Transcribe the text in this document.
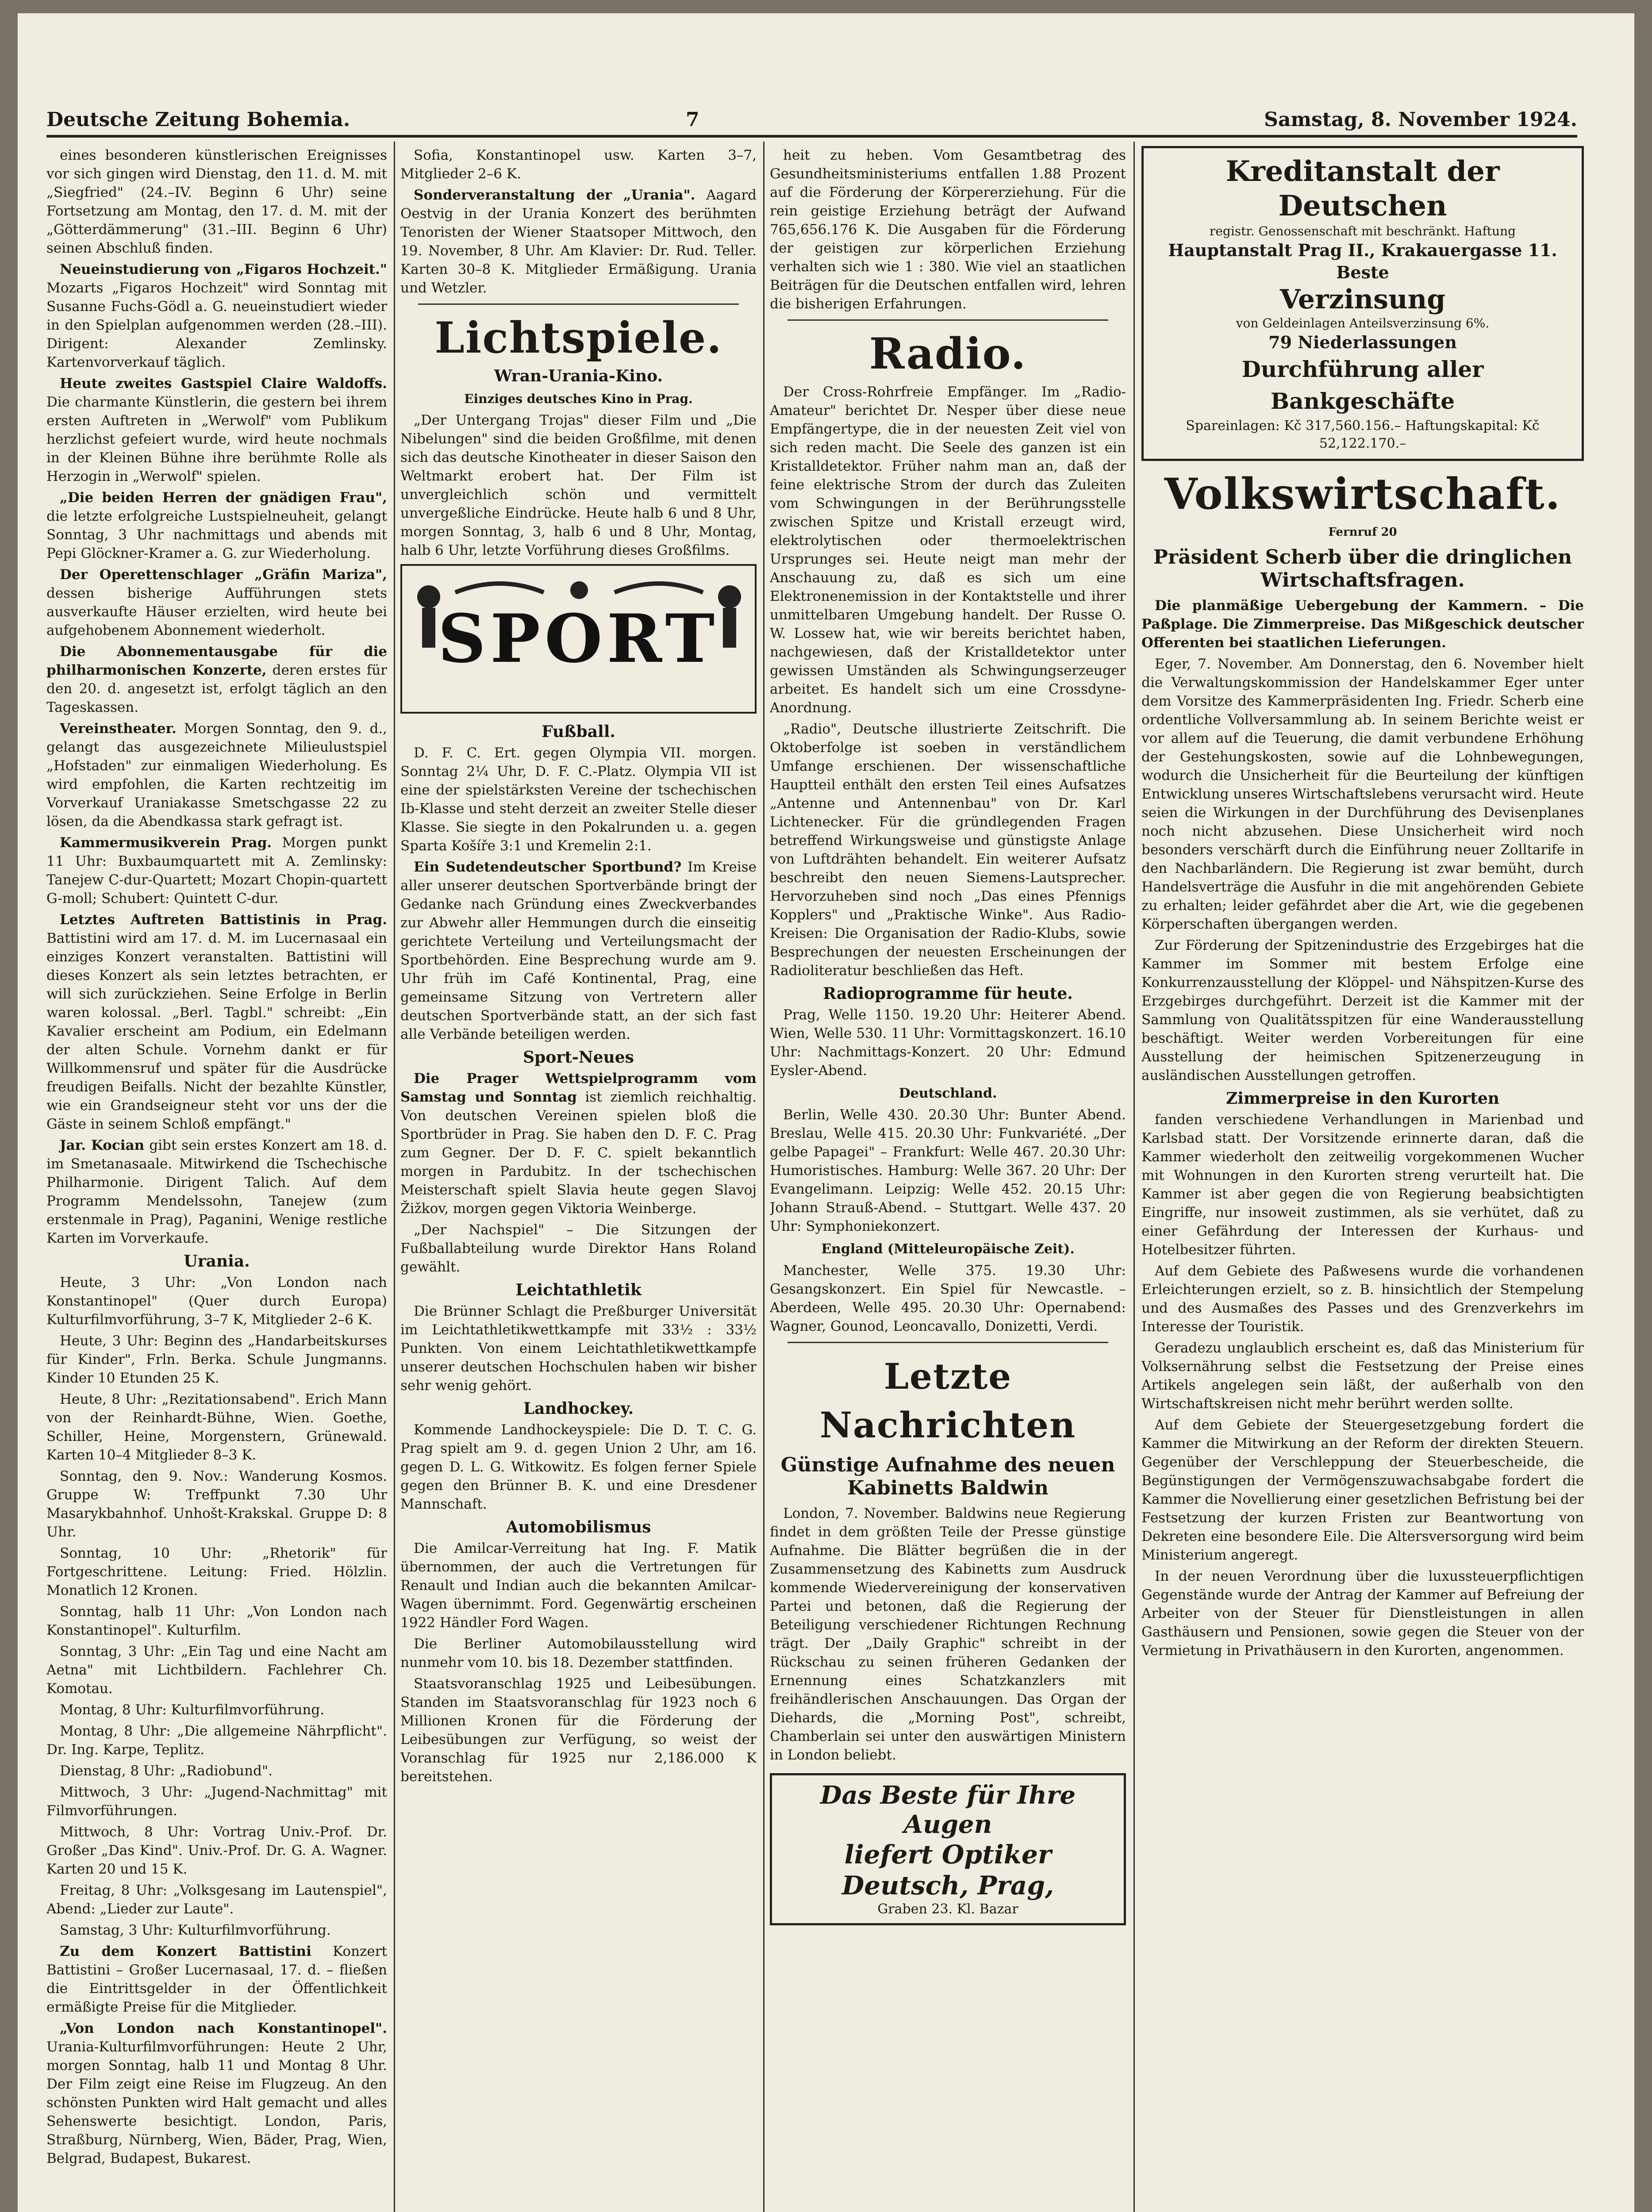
Deutsche Zeitung Bohemia.	7	Samstag, 8. November 1924.

eines besonderen künstlerischen Ereignisses vor sich gingen wird Dienstag, den 11. d. M. mit „Siegfried" (24.–IV. Beginn 6 Uhr) seine Fortsetzung am Montag, den 17. d. M. mit der „Götterdämmerung" (31.–III. Beginn 6 Uhr) seinen Abschluß finden.

Neueinstudierung von „Figaros Hochzeit." Mozarts „Figaros Hochzeit" wird Sonntag mit Susanne Fuchs-Gödl a. G. neueinstudiert wieder in den Spielplan aufgenommen werden (28.–III). Dirigent: Alexander Zemlinsky. Kartenvorverkauf täglich.

Heute zweites Gastspiel Claire Waldoffs. Die charmante Künstlerin, die gestern bei ihrem ersten Auftreten in „Werwolf" vom Publikum herzlichst gefeiert wurde, wird heute nochmals in der Kleinen Bühne ihre berühmte Rolle als Herzogin in „Werwolf" spielen.

„Die beiden Herren der gnädigen Frau", die letzte erfolgreiche Lustspielneuheit, gelangt Sonntag, 3 Uhr nachmittags und abends mit Pepi Glöckner-Kramer a. G. zur Wiederholung.

Der Operettenschlager „Gräfin Mariza", dessen bisherige Aufführungen stets ausverkaufte Häuser erzielten, wird heute bei aufgehobenem Abonnement wiederholt.

Die Abonnementausgabe für die philharmonischen Konzerte, deren erstes für den 20. d. angesetzt ist, erfolgt täglich an den Tageskassen.

Vereinstheater. Morgen Sonntag, den 9. d., gelangt das ausgezeichnete Milieulustspiel „Hofstaden" zur einmaligen Wiederholung. Es wird empfohlen, die Karten rechtzeitig im Vorverkauf Uraniakasse Smetschgasse 22 zu lösen, da die Abendkassa stark gefragt ist.

Kammermusikverein Prag. Morgen punkt 11 Uhr: Buxbaumquartett mit A. Zemlinsky: Tanejew C-dur-Quartett; Mozart Chopin-quartett G-moll; Schubert: Quintett C-dur.

Letztes Auftreten Battistinis in Prag. Battistini wird am 17. d. M. im Lucernasaal ein einziges Konzert veranstalten. Battistini will dieses Konzert als sein letztes betrachten, er will sich zurückziehen. Seine Erfolge in Berlin waren kolossal. „Berl. Tagbl." schreibt: „Ein Kavalier erscheint am Podium, ein Edelmann der alten Schule. Vornehm dankt er für Willkommensruf und später für die Ausdrücke freudigen Beifalls. Nicht der bezahlte Künstler, wie ein Grandseigneur steht vor uns der die Gäste in seinem Schloß empfängt."

Jar. Kocian gibt sein erstes Konzert am 18. d. im Smetanasaale. Mitwirkend die Tschechische Philharmonie. Dirigent Talich. Auf dem Programm Mendelssohn, Tanejew (zum erstenmale in Prag), Paganini, Wenige restliche Karten im Vorverkaufe.

Urania.

Heute, 3 Uhr: „Von London nach Konstantinopel" (Quer durch Europa) Kulturfilmvorführung, 3–7 K, Mitglieder 2–6 K.

Heute, 3 Uhr: Beginn des „Handarbeitskurses für Kinder", Frln. Berka. Schule Jungmanns. Kinder 10 Etunden 25 K.

Heute, 8 Uhr: „Rezitationsabend". Erich Mann von der Reinhardt-Bühne, Wien. Goethe, Schiller, Heine, Morgenstern, Grünewald. Karten 10–4 Mitglieder 8–3 K.

Sonntag, den 9. Nov.: Wanderung Kosmos. Gruppe W: Treffpunkt 7.30 Uhr Masarykbahnhof. Unhošt-Krakskal. Gruppe D: 8 Uhr.

Sonntag, 10 Uhr: „Rhetorik" für Fortgeschrittene. Leitung: Fried. Hölzlin. Monatlich 12 Kronen.

Sonntag, halb 11 Uhr: „Von London nach Konstantinopel". Kulturfilm.

Sonntag, 3 Uhr: „Ein Tag und eine Nacht am Aetna" mit Lichtbildern. Fachlehrer Ch. Komotau.

Montag, 8 Uhr: Kulturfilmvorführung.

Montag, 8 Uhr: „Die allgemeine Nährpflicht". Dr. Ing. Karpe, Teplitz.

Dienstag, 8 Uhr: „Radiobund".

Mittwoch, 3 Uhr: „Jugend-Nachmittag" mit Filmvorführungen.

Mittwoch, 8 Uhr: Vortrag Univ.-Prof. Dr. Großer „Das Kind". Univ.-Prof. Dr. G. A. Wagner. Karten 20 und 15 K.

Freitag, 8 Uhr: „Volksgesang im Lautenspiel", Abend: „Lieder zur Laute".

Samstag, 3 Uhr: Kulturfilmvorführung.

Zu dem Konzert Battistini Konzert Battistini – Großer Lucernasaal, 17. d. – fließen die Eintrittsgelder in der Öffentlichkeit ermäßigte Preise für die Mitglieder.

„Von London nach Konstantinopel". Urania-Kulturfilmvorführungen: Heute 2 Uhr, morgen Sonntag, halb 11 und Montag 8 Uhr. Der Film zeigt eine Reise im Flugzeug. An den schönsten Punkten wird Halt gemacht und alles Sehenswerte besichtigt. London, Paris, Straßburg, Nürnberg, Wien, Bäder, Prag, Wien, Belgrad, Budapest, Bukarest.

Sofia, Konstantinopel usw. Karten 3–7, Mitglieder 2–6 K.

Sonderveranstaltung der „Urania". Aagard Oestvig in der Urania Konzert des berühmten Tenoristen der Wiener Staatsoper Mittwoch, den 19. November, 8 Uhr. Am Klavier: Dr. Rud. Teller. Karten 30–8 K. Mitglieder Ermäßigung. Urania und Wetzler.

Lichtspiele.
Wran-Urania-Kino.
Einziges deutsches Kino in Prag.

„Der Untergang Trojas" dieser Film und „Die Nibelungen" sind die beiden Großfilme, mit denen sich das deutsche Kinotheater in dieser Saison den Weltmarkt erobert hat. Der Film ist unvergleichlich schön und vermittelt unvergeßliche Eindrücke. Heute halb 6 und 8 Uhr, morgen Sonntag, 3, halb 6 und 8 Uhr, Montag, halb 6 Uhr, letzte Vorführung dieses Großfilms.

SPORT
Fußball.

D. F. C. Ert. gegen Olympia VII. morgen. Sonntag 2¼ Uhr, D. F. C.-Platz. Olympia VII ist eine der spielstärksten Vereine der tschechischen Ib-Klasse und steht derzeit an zweiter Stelle dieser Klasse. Sie siegte in den Pokalrunden u. a. gegen Sparta Košíře 3:1 und Kremelin 2:1.

Ein Sudetendeutscher Sportbund? Im Kreise aller unserer deutschen Sportverbände bringt der Gedanke nach Gründung eines Zweckverbandes zur Abwehr aller Hemmungen durch die einseitig gerichtete Verteilung und Verteilungsmacht der Sportbehörden. Eine Besprechung wurde am 9. Uhr früh im Café Kontinental, Prag, eine gemeinsame Sitzung von Vertretern aller deutschen Sportverbände statt, an der sich fast alle Verbände beteiligen werden.

Sport-Neues

Die Prager Wettspielprogramm vom Samstag und Sonntag ist ziemlich reichhaltig. Von deutschen Vereinen spielen bloß die Sportbrüder in Prag. Sie haben den D. F. C. Prag zum Gegner. Der D. F. C. spielt bekanntlich morgen in Pardubitz. In der tschechischen Meisterschaft spielt Slavia heute gegen Slavoj Žižkov, morgen gegen Viktoria Weinberge.

„Der Nachspiel" – Die Sitzungen der Fußballabteilung wurde Direktor Hans Roland gewählt.

Leichtathletik

Die Brünner Schlagt die Preßburger Universität im Leichtathletikwettkampfe mit 33½ : 33½ Punkten. Von einem Leichtathletikwettkampfe unserer deutschen Hochschulen haben wir bisher sehr wenig gehört.

Landhockey.

Kommende Landhockeyspiele: Die D. T. C. G. Prag spielt am 9. d. gegen Union 2 Uhr, am 16. gegen D. L. G. Witkowitz. Es folgen ferner Spiele gegen den Brünner B. K. und eine Dresdener Mannschaft.

Automobilismus

Die Amilcar-Verreitung hat Ing. F. Matik übernommen, der auch die Vertretungen für Renault und Indian auch die bekannten Amilcar-Wagen übernimmt. Ford. Gegenwärtig erscheinen 1922 Händler Ford Wagen.

Die Berliner Automobilausstellung wird nunmehr vom 10. bis 18. Dezember stattfinden.

Staatsvoranschlag 1925 und Leibesübungen. Standen im Staatsvoranschlag für 1923 noch 6 Millionen Kronen für die Förderung der Leibesübungen zur Verfügung, so weist der Voranschlag für 1925 nur 2,186.000 K bereitstehen.

heit zu heben. Vom Gesamtbetrag des Gesundheitsministeriums entfallen 1.88 Prozent auf die Förderung der Körpererziehung. Für die rein geistige Erziehung beträgt der Aufwand 765,656.176 K. Die Ausgaben für die Förderung der geistigen zur körperlichen Erziehung verhalten sich wie 1 : 380. Wie viel an staatlichen Beiträgen für die Deutschen entfallen wird, lehren die bisherigen Erfahrungen.

Radio.

Der Cross-Rohrfreie Empfänger. Im „Radio-Amateur" berichtet Dr. Nesper über diese neue Empfängertype, die in der neuesten Zeit viel von sich reden macht. Die Seele des ganzen ist ein Kristalldetektor. Früher nahm man an, daß der feine elektrische Strom der durch das Zuleiten vom Schwingungen in der Berührungsstelle zwischen Spitze und Kristall erzeugt wird, elektrolytischen oder thermoelektrischen Ursprunges sei. Heute neigt man mehr der Anschauung zu, daß es sich um eine Elektronenemission in der Kontaktstelle und ihrer unmittelbaren Umgebung handelt. Der Russe O. W. Lossew hat, wie wir bereits berichtet haben, nachgewiesen, daß der Kristalldetektor unter gewissen Umständen als Schwingungserzeuger arbeitet. Es handelt sich um eine Crossdyne-Anordnung.

„Radio", Deutsche illustrierte Zeitschrift. Die Oktoberfolge ist soeben in verständlichem Umfange erschienen. Der wissenschaftliche Hauptteil enthält den ersten Teil eines Aufsatzes „Antenne und Antennenbau" von Dr. Karl Lichtenecker. Für die gründlegenden Fragen betreffend Wirkungsweise und günstigste Anlage von Luftdrähten behandelt. Ein weiterer Aufsatz beschreibt den neuen Siemens-Lautsprecher. Hervorzuheben sind noch „Das eines Pfennigs Kopplers" und „Praktische Winke". Aus Radio-Kreisen: Die Organisation der Radio-Klubs, sowie Besprechungen der neuesten Erscheinungen der Radioliteratur beschließen das Heft.

Radioprogramme für heute.

Prag, Welle 1150. 19.20 Uhr: Heiterer Abend. Wien, Welle 530. 11 Uhr: Vormittagskonzert. 16.10 Uhr: Nachmittags-Konzert. 20 Uhr: Edmund Eysler-Abend.

Deutschland.

Berlin, Welle 430. 20.30 Uhr: Bunter Abend. Breslau, Welle 415. 20.30 Uhr: Funkvariété. „Der gelbe Papagei" – Frankfurt: Welle 467. 20.30 Uhr: Humoristisches. Hamburg: Welle 367. 20 Uhr: Der Evangelimann. Leipzig: Welle 452. 20.15 Uhr: Johann Strauß-Abend. – Stuttgart. Welle 437. 20 Uhr: Symphoniekonzert.

England (Mitteleuropäische Zeit).

Manchester, Welle 375. 19.30 Uhr: Gesangskonzert. Ein Spiel für Newcastle. – Aberdeen, Welle 495. 20.30 Uhr: Opernabend: Wagner, Gounod, Leoncavallo, Donizetti, Verdi.

Letzte Nachrichten
Günstige Aufnahme des neuen Kabinetts Baldwin

London, 7. November. Baldwins neue Regierung findet in dem größten Teile der Presse günstige Aufnahme. Die Blätter begrüßen die in der Zusammensetzung des Kabinetts zum Ausdruck kommende Wiedervereinigung der konservativen Partei und betonen, daß die Regierung der Beteiligung verschiedener Richtungen Rechnung trägt. Der „Daily Graphic" schreibt in der Rückschau zu seinen früheren Gedanken der Ernennung eines Schatzkanzlers mit freihändlerischen Anschauungen. Das Organ der Diehards, die „Morning Post", schreibt, Chamberlain sei unter den auswärtigen Ministern in London beliebt.

Das Beste für Ihre Augen
liefert Optiker Deutsch, Prag,
Graben 23. Kl. Bazar
Kreditanstalt der Deutschen
registr. Genossenschaft mit beschränkt. Haftung
Hauptanstalt Prag II., Krakauergasse 11.
Beste
Verzinsung
von Geldeinlagen Anteilsverzinsung 6%.
79 Niederlassungen
Durchführung aller Bankgeschäfte
Spareinlagen: Kč 317,560.156.– Haftungskapital: Kč 52,122.170.–
Volkswirtschaft.
Fernruf 20
Präsident Scherb über die dringlichen Wirtschaftsfragen.

Die planmäßige Uebergebung der Kammern. – Die Paßplage. Die Zimmerpreise. Das Mißgeschick deutscher Offerenten bei staatlichen Lieferungen.

Eger, 7. November. Am Donnerstag, den 6. November hielt die Verwaltungskommission der Handelskammer Eger unter dem Vorsitze des Kammerpräsidenten Ing. Friedr. Scherb eine ordentliche Vollversammlung ab. In seinem Berichte weist er vor allem auf die Teuerung, die damit verbundene Erhöhung der Gestehungskosten, sowie auf die Lohnbewegungen, wodurch die Unsicherheit für die Beurteilung der künftigen Entwicklung unseres Wirtschaftslebens verursacht wird. Heute seien die Wirkungen in der Durchführung des Devisenplanes noch nicht abzusehen. Diese Unsicherheit wird noch besonders verschärft durch die Einführung neuer Zolltarife in den Nachbarländern. Die Regierung ist zwar bemüht, durch Handelsverträge die Ausfuhr in die mit angehörenden Gebiete zu erhalten; leider gefährdet aber die Art, wie die gegebenen Körperschaften übergangen werden.

Zur Förderung der Spitzenindustrie des Erzgebirges hat die Kammer im Sommer mit bestem Erfolge eine Konkurrenzausstellung der Klöppel- und Nähspitzen-Kurse des Erzgebirges durchgeführt. Derzeit ist die Kammer mit der Sammlung von Qualitätsspitzen für eine Wanderausstellung beschäftigt. Weiter werden Vorbereitungen für eine Ausstellung der heimischen Spitzenerzeugung in ausländischen Ausstellungen getroffen.

Zimmerpreise in den Kurorten

fanden verschiedene Verhandlungen in Marienbad und Karlsbad statt. Der Vorsitzende erinnerte daran, daß die Kammer wiederholt den zeitweilig vorgekommenen Wucher mit Wohnungen in den Kurorten streng verurteilt hat. Die Kammer ist aber gegen die von Regierung beabsichtigten Eingriffe, nur insoweit zustimmen, als sie verhütet, daß zu einer Gefährdung der Interessen der Kurhaus- und Hotelbesitzer führten.

Auf dem Gebiete des Paßwesens wurde die vorhandenen Erleichterungen erzielt, so z. B. hinsichtlich der Stempelung und des Ausmaßes des Passes und des Grenzverkehrs im Interesse der Touristik.

Geradezu unglaublich erscheint es, daß das Ministerium für Volksernährung selbst die Festsetzung der Preise eines Artikels angelegen sein läßt, der außerhalb von den Wirtschaftskreisen nicht mehr berührt werden sollte.

Auf dem Gebiete der Steuergesetzgebung fordert die Kammer die Mitwirkung an der Reform der direkten Steuern. Gegenüber der Verschleppung der Steuerbescheide, die Begünstigungen der Vermögenszuwachsabgabe fordert die Kammer die Novellierung einer gesetzlichen Befristung bei der Festsetzung der kurzen Fristen zur Beantwortung von Dekreten eine besondere Eile. Die Altersversorgung wird beim Ministerium angeregt.

In der neuen Verordnung über die luxussteuerpflichtigen Gegenstände wurde der Antrag der Kammer auf Befreiung der Arbeiter von der Steuer für Dienstleistungen in allen Gasthäusern und Pensionen, sowie gegen die Steuer von der Vermietung in Privathäusern in den Kurorten, angenommen.
